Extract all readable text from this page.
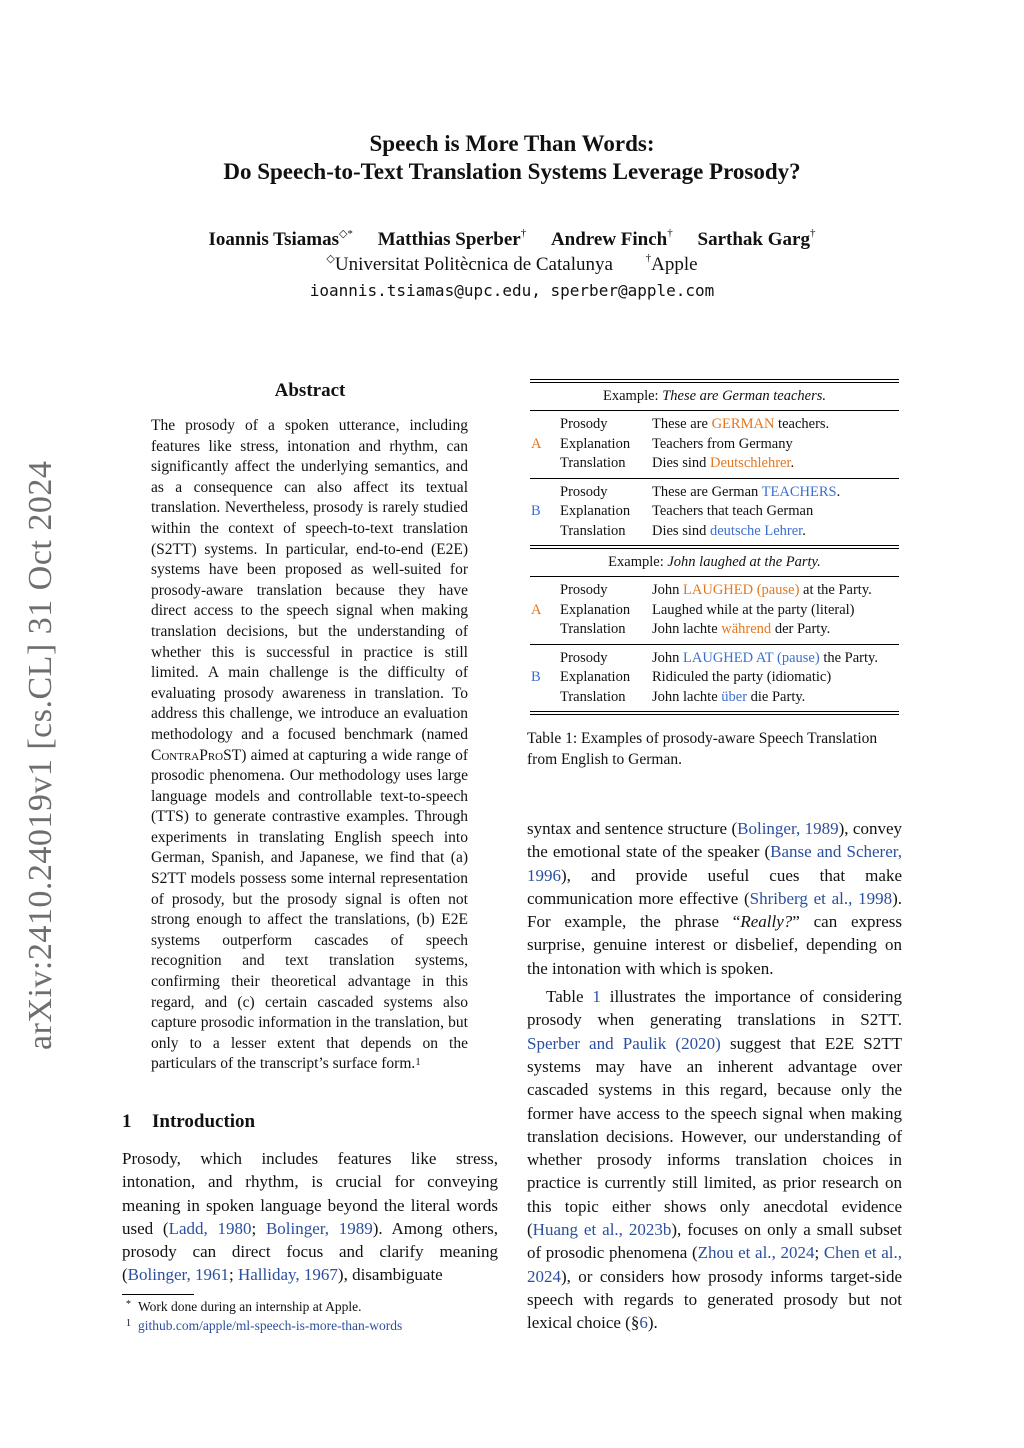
arXiv:2410.24019v1 [cs.CL] 31 Oct 2024
Speech is More Than Words:
Do Speech-to-Text Translation Systems Leverage Prosody?
Ioannis Tsiamas◇* Matthias Sperber† Andrew Finch† Sarthak Garg†
◇Universitat Politècnica de Catalunya	†Apple
ioannis.tsiamas@upc.edu, sperber@apple.com
Abstract
The prosody of a spoken utterance, including features like stress, intonation and rhythm, can significantly affect the underlying semantics, and as a consequence can also affect its textual translation. Nevertheless, prosody is rarely studied within the context of speech-to-text translation (S2TT) systems. In particular, end-to-end (E2E) systems have been proposed as well-suited for prosody-aware translation because they have direct access to the speech signal when making translation decisions, but the understanding of whether this is successful in practice is still limited. A main challenge is the difficulty of evaluating prosody awareness in translation. To address this challenge, we introduce an evaluation methodology and a focused benchmark (named ContraProST) aimed at capturing a wide range of prosodic phenomena. Our methodology uses large language models and controllable text-to-speech (TTS) to generate contrastive examples. Through experiments in translating English speech into German, Spanish, and Japanese, we find that (a) S2TT models possess some internal representation of prosody, but the prosody signal is often not strong enough to affect the translations, (b) E2E systems outperform cascades of speech recognition and text translation systems, confirming their theoretical advantage in this regard, and (c) certain cascaded systems also capture prosodic information in the translation, but only to a lesser extent that depends on the particulars of the transcript’s surface form.$^1$
1 Introduction

Prosody, which includes features like stress, intonation, and rhythm, is crucial for conveying meaning in spoken language beyond the literal words used (Ladd, 1980; Bolinger, 1989). Among others, prosody can direct focus and clarify meaning (Bolinger, 1961; Halliday, 1967), disambiguate

* Work done during an internship at Apple.
1 github.com/apple/ml-speech-is-more-than-words
Example: These are German teachers.
Prosody	These are GERMAN teachers.
A Explanation Teachers from Germany
Translation Dies sind Deutschlehrer.
Prosody	These are German TEACHERS.
B Explanation Teachers that teach German
Translation Dies sind deutsche Lehrer.
Example: John laughed at the Party.
Prosody	John LAUGHED (pause) at the Party.
A Explanation Laughed while at the party (literal)
Translation John lachte während der Party.
Prosody	John LAUGHED AT (pause) the Party.
B Explanation Ridiculed the party (idiomatic)
Translation John lachte über die Party.
Table 1: Examples of prosody-aware Speech Translation from English to German.

syntax and sentence structure (Bolinger, 1989), convey the emotional state of the speaker (Banse and Scherer, 1996), and provide useful cues that make communication more effective (Shriberg et al., 1998). For example, the phrase “Really?” can express surprise, genuine interest or disbelief, depending on the intonation with which is spoken.

Table 1 illustrates the importance of considering prosody when generating translations in S2TT. Sperber and Paulik (2020) suggest that E2E S2TT systems may have an inherent advantage over cascaded systems in this regard, because only the former have access to the speech signal when making translation decisions. However, our understanding of whether prosody informs translation choices in practice is currently still limited, as prior research on this topic either shows only anecdotal evidence (Huang et al., 2023b), focuses on only a small subset of prosodic phenomena (Zhou et al., 2024; Chen et al., 2024), or considers how prosody informs target-side speech with regards to generated prosody but not lexical choice (§6).
